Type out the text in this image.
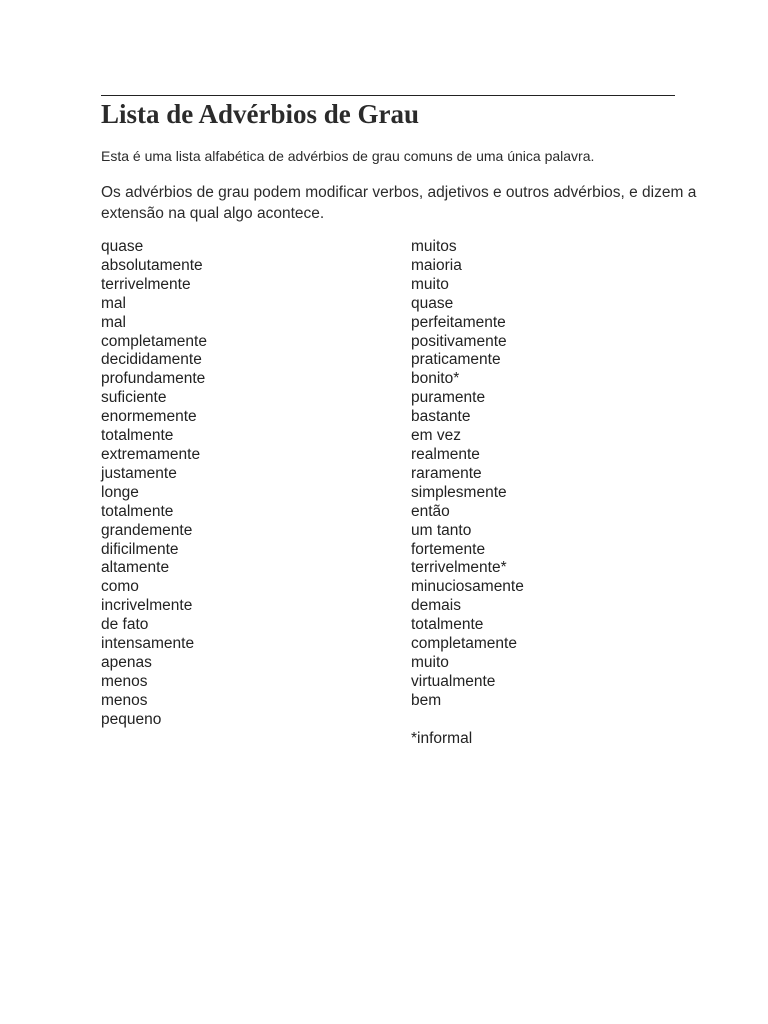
Lista de Advérbios de Grau

Esta é uma lista alfabética de advérbios de grau comuns de uma única palavra.

Os advérbios de grau podem modificar verbos, adjetivos e outros advérbios, e dizem a extensão na qual algo acontece.

quase
absolutamente
terrivelmente
mal
mal
completamente
decididamente
profundamente
suficiente
enormemente
totalmente
extremamente
justamente
longe
totalmente
grandemente
dificilmente
altamente
como
incrivelmente
de fato
intensamente
apenas
menos
menos
pequeno
muitos
maioria
muito
quase
perfeitamente
positivamente
praticamente
bonito*
puramente
bastante
em vez
realmente
raramente
simplesmente
então
um tanto
fortemente
terrivelmente*
minuciosamente
demais
totalmente
completamente
muito
virtualmente
bem

*informal
